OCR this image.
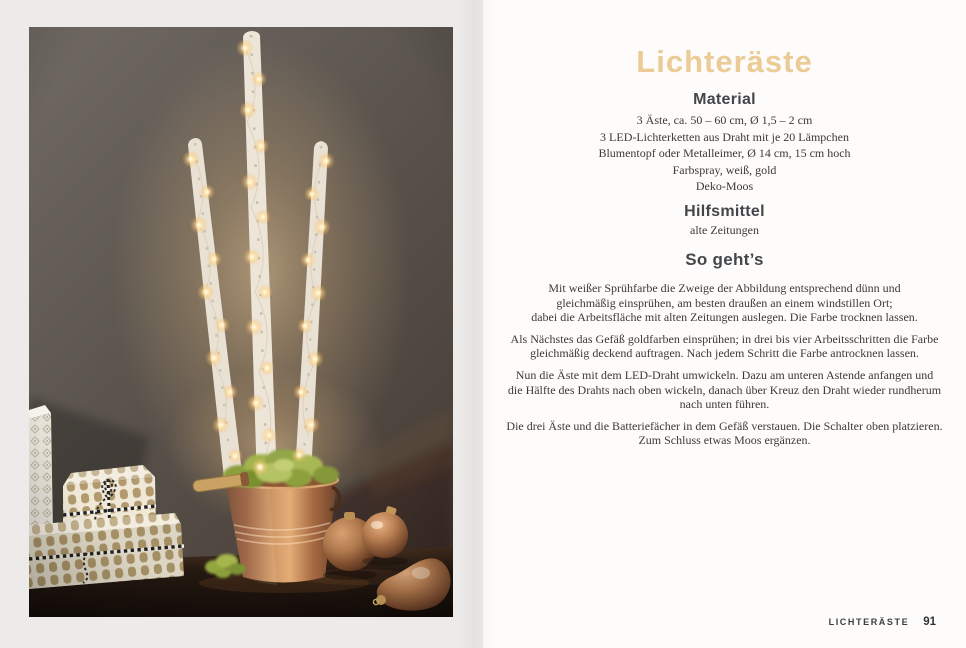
Lichteräste
Material
3 Äste, ca. 50 – 60 cm, Ø 1,5 – 2 cm
3 LED-Lichterketten aus Draht mit je 20 Lämpchen
Blumentopf oder Metalleimer, Ø 14 cm, 15 cm hoch
Farbspray, weiß, gold
Deko-Moos
Hilfsmittel
alte Zeitungen
So geht’s
Mit weißer Sprühfarbe die Zweige der Abbildung entsprechend dünn und
gleichmäßig einsprühen, am besten draußen an einem windstillen Ort;
dabei die Arbeitsfläche mit alten Zeitungen auslegen. Die Farbe trocknen lassen.
Als Nächstes das Gefäß goldfarben einsprühen; in drei bis vier Arbeitsschritten die Farbe
gleichmäßig deckend auftragen. Nach jedem Schritt die Farbe antrocknen lassen.
Nun die Äste mit dem LED-Draht umwickeln. Dazu am unteren Astende anfangen und
die Hälfte des Drahts nach oben wickeln, danach über Kreuz den Draht wieder rundherum
nach unten führen.
Die drei Äste und die Batteriefächer in dem Gefäß verstauen. Die Schalter oben platzieren.
Zum Schluss etwas Moos ergänzen.
LICHTERÄSTE 91
